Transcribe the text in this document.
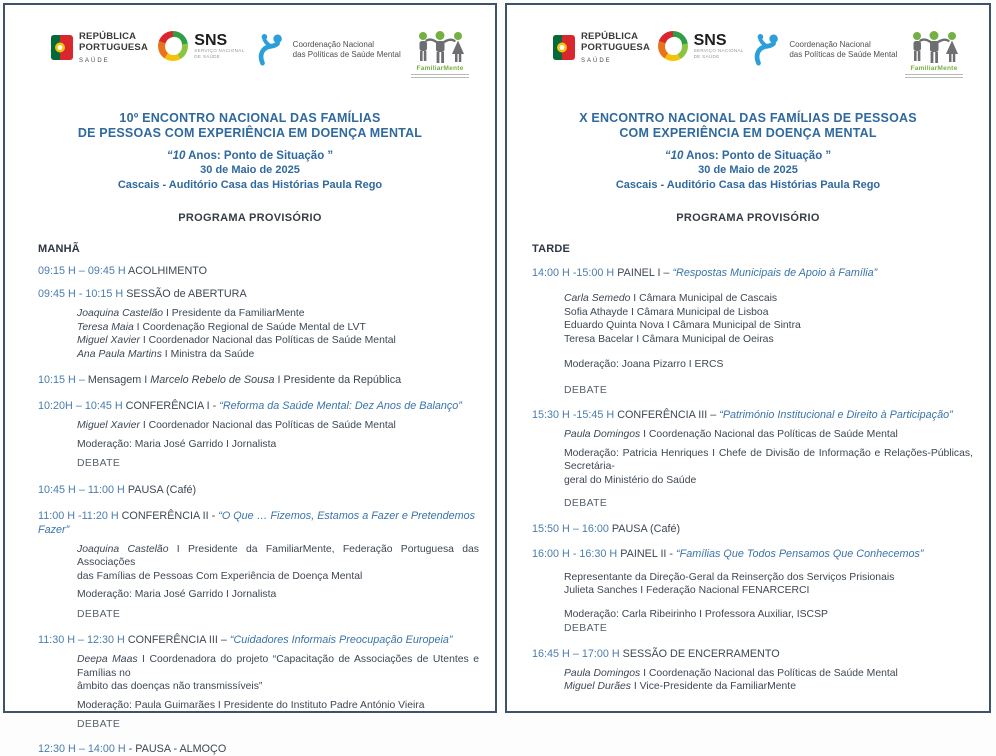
REPÚBLICA
PORTUGUESA
SAÚDE
SNS
SERVIÇO NACIONAL
DE SAÚDE
Coordenação Nacional
das Políticas de Saúde Mental
FamiliarMente
10º ENCONTRO NACIONAL DAS FAMÍLIAS
DE PESSOAS COM EXPERIÊNCIA EM DOENÇA MENTAL
“10 Anos: Ponto de Situação ”
30 de Maio de 2025
Cascais - Auditório Casa das Histórias Paula Rego
PROGRAMA PROVISÓRIO
MANHÃ

09:15 H – 09:45 H ACOLHIMENTO

09:45 H - 10:15 H SESSÃO de ABERTURA

Joaquina Castelão I Presidente da FamiliarMente
Teresa Maia I Coordenação Regional de Saúde Mental de LVT
Miguel Xavier I Coordenador Nacional das Políticas de Saúde Mental
Ana Paula Martins I Ministra da Saúde

10:15 H – Mensagem I Marcelo Rebelo de Sousa I Presidente da República

10:20H – 10:45 H CONFERÊNCIA I - “Reforma da Saúde Mental: Dez Anos de Balanço”

Miguel Xavier I Coordenador Nacional das Políticas de Saúde Mental

Moderação: Maria José Garrido I Jornalista

DEBATE

10:45 H – 11:00 H PAUSA (Café)

11:00 H -11:20 H CONFERÊNCIA II - “O Que … Fizemos, Estamos a Fazer e Pretendemos Fazer”

Joaquina Castelão I Presidente da FamiliarMente, Federação Portuguesa das Associações
das Famílias de Pessoas Com Experiência de Doença Mental

Moderação: Maria José Garrido I Jornalista

DEBATE

11:30 H – 12:30 H CONFERÊNCIA III – “Cuidadores Informais Preocupação Europeia”

Deepa Maas I Coordenadora do projeto “Capacitação de Associações de Utentes e Famílias no
âmbito das doenças não transmissíveis”

Moderação: Paula Guimarães I Presidente do Instituto Padre António Vieira

DEBATE

12:30 H – 14:00 H - PAUSA - ALMOÇO

REPÚBLICA
PORTUGUESA
SAÚDE
SNS
SERVIÇO NACIONAL
DE SAÚDE
Coordenação Nacional
das Políticas de Saúde Mental
FamiliarMente
X ENCONTRO NACIONAL DAS FAMÍLIAS DE PESSOAS
COM EXPERIÊNCIA EM DOENÇA MENTAL
“10 Anos: Ponto de Situação ”
30 de Maio de 2025
Cascais - Auditório Casa das Histórias Paula Rego
PROGRAMA PROVISÓRIO
TARDE

14:00 H -15:00 H PAINEL I – “Respostas Municipais de Apoio à Família”

Carla Semedo I Câmara Municipal de Cascais
Sofia Athayde I Câmara Municipal de Lisboa
Eduardo Quinta Nova I Câmara Municipal de Sintra
Teresa Bacelar I Câmara Municipal de Oeiras

Moderação: Joana Pizarro I ERCS

DEBATE

15:30 H -15:45 H CONFERÊNCIA III – “Património Institucional e Direito à Participação”

Paula Domingos I Coordenação Nacional das Políticas de Saúde Mental
Moderação: Patricia Henriques I Chefe de Divisão de Informação e Relações-Públicas, Secretária-
geral do Ministério do Saúde

DEBATE

15:50 H – 16:00 PAUSA (Café)

16:00 H - 16:30 H PAINEL II - “Famílias Que Todos Pensamos Que Conhecemos”

Representante da Direção-Geral da Reinserção dos Serviços Prisionais
Julieta Sanches I Federação Nacional FENARCERCI

Moderação: Carla Ribeirinho I Professora Auxiliar, ISCSP

DEBATE

16:45 H – 17:00 H SESSÃO DE ENCERRAMENTO

Paula Domingos I Coordenação Nacional das Políticas de Saúde Mental
Miguel Durães I Vice-Presidente da FamiliarMente
